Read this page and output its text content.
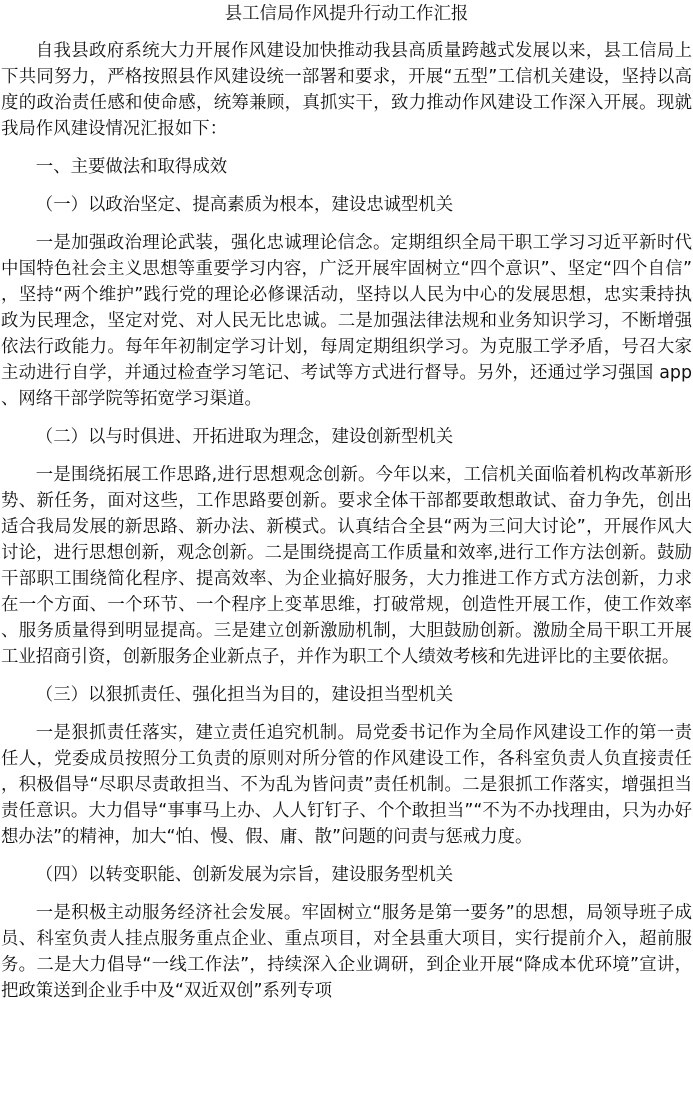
县工信局作风提升行动工作汇报

自我县政府系统大力开展作风建设加快推动我县高质量跨越式发展以来，县工信局上下共同努力，严格按照县作风建设统一部署和要求，开展“五型”工信机关建设，坚持以高度的政治责任感和使命感，统筹兼顾，真抓实干，致力推动作风建设工作深入开展。现就我局作风建设情况汇报如下：

一、主要做法和取得成效

（一）以政治坚定、提高素质为根本，建设忠诚型机关

一是加强政治理论武装，强化忠诚理论信念。定期组织全局干职工学习习近平新时代中国特色社会主义思想等重要学习内容，广泛开展牢固树立“四个意识”、坚定“四个自信”，坚持“两个维护”践行党的理论必修课活动，坚持以人民为中心的发展思想，忠实秉持执政为民理念，坚定对党、对人民无比忠诚。二是加强法律法规和业务知识学习，不断增强依法行政能力。每年年初制定学习计划，每周定期组织学习。为克服工学矛盾，号召大家主动进行自学，并通过检查学习笔记、考试等方式进行督导。另外，还通过学习强国 app、网络干部学院等拓宽学习渠道。

（二）以与时俱进、开拓进取为理念，建设创新型机关

一是围绕拓展工作思路,进行思想观念创新。今年以来，工信机关面临着机构改革新形势、新任务，面对这些，工作思路要创新。要求全体干部都要敢想敢试、奋力争先，创出适合我局发展的新思路、新办法、新模式。认真结合全县“两为三问大讨论”，开展作风大讨论，进行思想创新，观念创新。二是围绕提高工作质量和效率,进行工作方法创新。鼓励干部职工围绕简化程序、提高效率、为企业搞好服务，大力推进工作方式方法创新，力求在一个方面、一个环节、一个程序上变革思维，打破常规，创造性开展工作，使工作效率、服务质量得到明显提高。三是建立创新激励机制，大胆鼓励创新。激励全局干职工开展工业招商引资，创新服务企业新点子，并作为职工个人绩效考核和先进评比的主要依据。

（三）以狠抓责任、强化担当为目的，建设担当型机关

一是狠抓责任落实，建立责任追究机制。局党委书记作为全局作风建设工作的第一责任人，党委成员按照分工负责的原则对所分管的作风建设工作，各科室负责人负直接责任，积极倡导“尽职尽责敢担当、不为乱为皆问责”责任机制。二是狠抓工作落实，增强担当责任意识。大力倡导“事事马上办、人人钉钉子、个个敢担当”“不为不办找理由，只为办好想办法”的精神，加大“怕、慢、假、庸、散”问题的问责与惩戒力度。

（四）以转变职能、创新发展为宗旨，建设服务型机关

一是积极主动服务经济社会发展。牢固树立“服务是第一要务”的思想，局领导班子成员、科室负责人挂点服务重点企业、重点项目，对全县重大项目，实行提前介入，超前服务。二是大力倡导“一线工作法”，持续深入企业调研，到企业开展“降成本优环境”宣讲，把政策送到企业手中及“双近双创”系列专项
